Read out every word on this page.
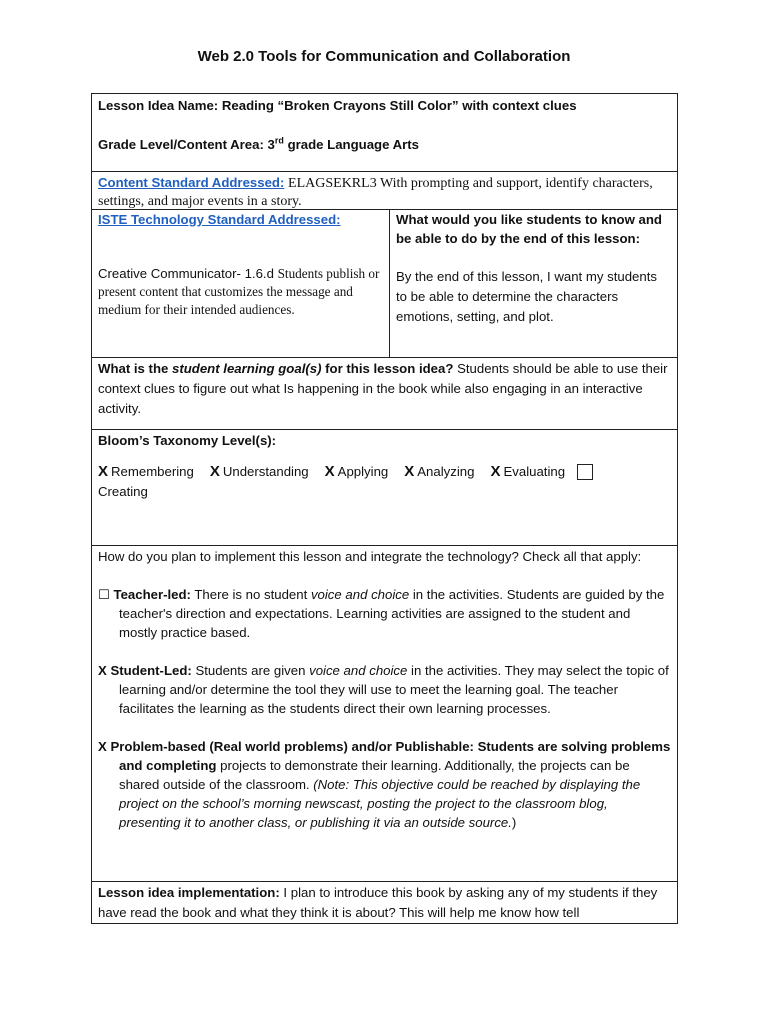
Web 2.0 Tools for Communication and Collaboration
Lesson Idea Name: Reading “Broken Crayons Still Color” with context clues
Grade Level/Content Area: 3rd grade Language Arts
Content Standard Addressed: ELAGSEKRL3 With prompting and support, identify characters, settings, and major events in a story.
ISTE Technology Standard Addressed:
Creative Communicator- 1.6.d Students publish or present content that customizes the message and medium for their intended audiences.
What would you like students to know and be able to do by the end of this lesson:
By the end of this lesson, I want my students to be able to determine the characters emotions, setting, and plot.
What is the student learning goal(s) for this lesson idea? Students should be able to use their context clues to figure out what Is happening in the book while also engaging in an interactive activity.
Bloom’s Taxonomy Level(s):
X Remembering X Understanding X Applying X Analyzing X Evaluating
Creating
How do you plan to implement this lesson and integrate the technology? Check all that apply:
☐ Teacher-led: There is no student voice and choice in the activities. Students are guided by the teacher's direction and expectations. Learning activities are assigned to the student and mostly practice based.
X Student-Led: Students are given voice and choice in the activities. They may select the topic of learning and/or determine the tool they will use to meet the learning goal. The teacher facilitates the learning as the students direct their own learning processes.
X Problem-based (Real world problems) and/or Publishable: Students are solving problems and completing projects to demonstrate their learning. Additionally, the projects can be shared outside of the classroom. (Note: This objective could be reached by displaying the project on the school’s morning newscast, posting the project to the classroom blog, presenting it to another class, or publishing it via an outside source.)
Lesson idea implementation: I plan to introduce this book by asking any of my students if they have read the book and what they think it is about? This will help me know how tell
